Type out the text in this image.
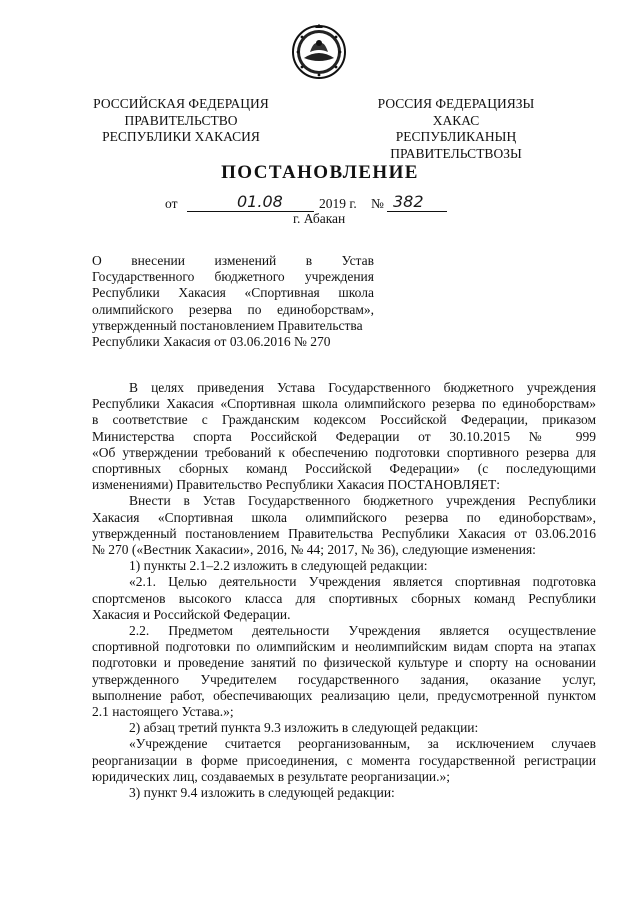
РОССИЙСКАЯ ФЕДЕРАЦИЯ
ПРАВИТЕЛЬСТВО
РЕСПУБЛИКИ ХАКАСИЯ
РОССИЯ ФЕДЕРАЦИЯЗЫ
ХАКАС РЕСПУБЛИКАНЫҢ
ПРАВИТЕЛЬСТВОЗЫ
ПОСТАНОВЛЕНИЕ
от	01.08	2019 г. № 382
г. Абакан
О внесении изменений в Устав
Государственного бюджетного учреждения
Республики Хакасия «Спортивная школа
олимпийского резерва по единоборствам»,
утвержденный постановлением Правительства
Республики Хакасия от 03.06.2016 № 270
В целях приведения Устава Государственного бюджетного учреждения
Республики Хакасия «Спортивная школа олимпийского резерва по единоборствам»
в соответствие с Гражданским кодексом Российской Федерации, приказом
Министерства спорта Российской Федерации от 30.10.2015 № 999
«Об утверждении требований к обеспечению подготовки спортивного резерва для
спортивных сборных команд Российской Федерации» (с последующими
изменениями) Правительство Республики Хакасия ПОСТАНОВЛЯЕТ:
Внести в Устав Государственного бюджетного учреждения Республики
Хакасия «Спортивная школа олимпийского резерва по единоборствам»,
утвержденный постановлением Правительства Республики Хакасия от 03.06.2016
№ 270 («Вестник Хакасии», 2016, № 44; 2017, № 36), следующие изменения:
1) пункты 2.1–2.2 изложить в следующей редакции:
«2.1. Целью деятельности Учреждения является спортивная подготовка
спортсменов высокого класса для спортивных сборных команд Республики
Хакасия и Российской Федерации.
2.2. Предметом деятельности Учреждения является осуществление
спортивной подготовки по олимпийским и неолимпийским видам спорта на этапах
подготовки и проведение занятий по физической культуре и спорту на основании
утвержденного Учредителем государственного задания, оказание услуг,
выполнение работ, обеспечивающих реализацию цели, предусмотренной пунктом
2.1 настоящего Устава.»;
2) абзац третий пункта 9.3 изложить в следующей редакции:
«Учреждение считается реорганизованным, за исключением случаев
реорганизации в форме присоединения, с момента государственной регистрации
юридических лиц, создаваемых в результате реорганизации.»;
3) пункт 9.4 изложить в следующей редакции:
